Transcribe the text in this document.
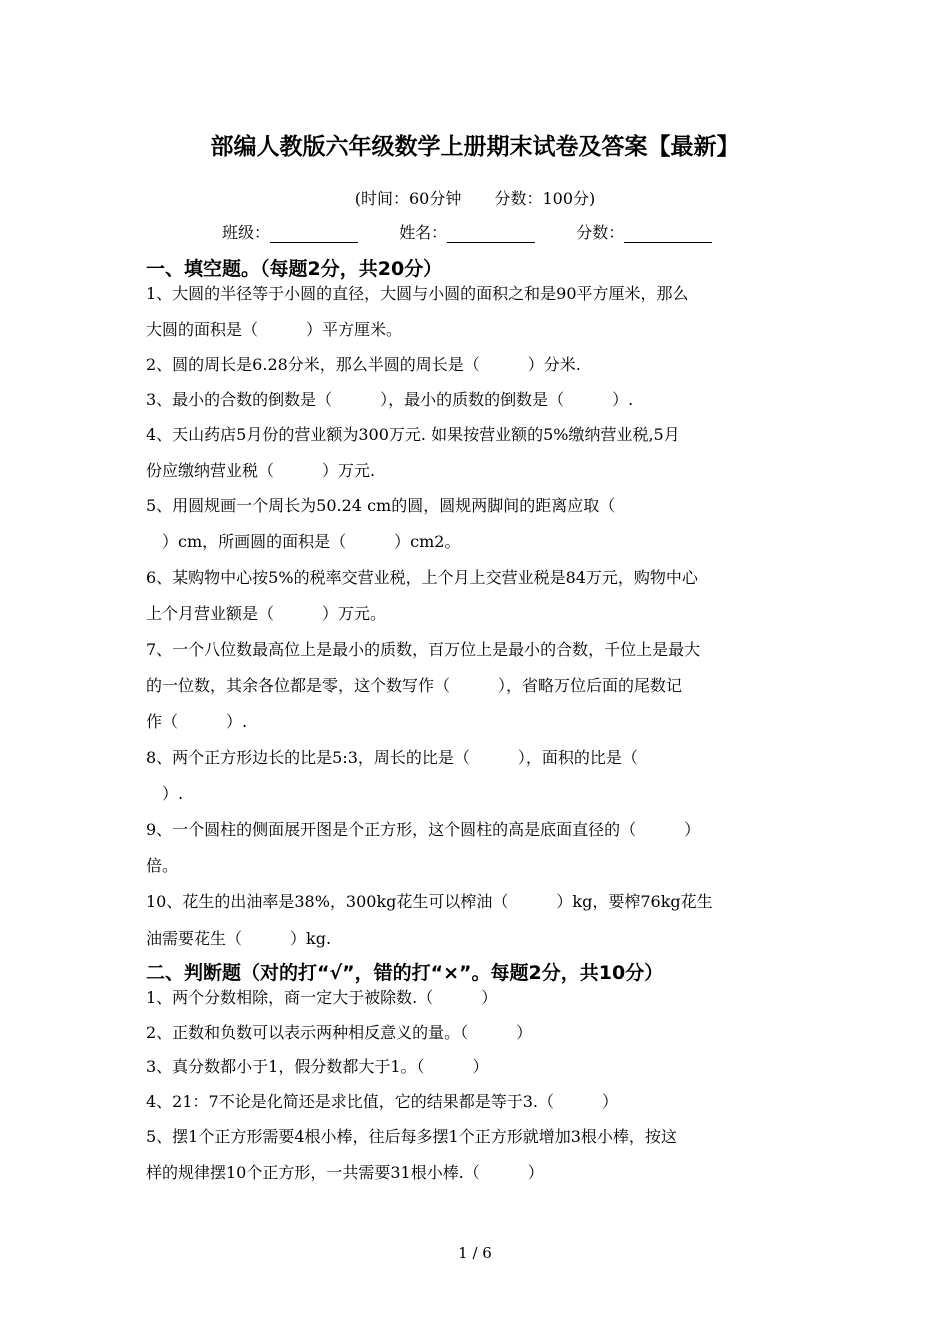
部编人教版六年级数学上册期末试卷及答案【最新】
(时间：60分钟 分数：100分)
班级：	姓名：	分数：
一、填空题。（每题2分，共20分）
1、大圆的半径等于小圆的直径，大圆与小圆的面积之和是90平方厘米，那么
大圆的面积是（　　　）平方厘米。
2、圆的周长是6.28分米，那么半圆的周长是（　　　）分米.
3、最小的合数的倒数是（　　　），最小的质数的倒数是（　　　）.
4、天山药店5月份的营业额为300万元. 如果按营业额的5%缴纳营业税,5月
份应缴纳营业税（　　　）万元.
5、用圆规画一个周长为50.24 cm的圆，圆规两脚间的距离应取（
　）cm，所画圆的面积是（　　　）cm2。
6、某购物中心按5%的税率交营业税，上个月上交营业税是84万元，购物中心
上个月营业额是（　　　）万元。
7、一个八位数最高位上是最小的质数，百万位上是最小的合数，千位上是最大
的一位数，其余各位都是零，这个数写作（　　　），省略万位后面的尾数记
作（　　　）.
8、两个正方形边长的比是5:3，周长的比是（　　　），面积的比是（
　）.
9、一个圆柱的侧面展开图是个正方形，这个圆柱的高是底面直径的（　　　）
倍。
10、花生的出油率是38%，300kg花生可以榨油（　　　）kg，要榨76kg花生
油需要花生（　　　）kg.
二、判断题（对的打“√”，错的打“×”。每题2分，共10分）
1、两个分数相除，商一定大于被除数.（　　　）
2、正数和负数可以表示两种相反意义的量。（　　　）
3、真分数都小于1，假分数都大于1。（　　　）
4、21：7不论是化简还是求比值，它的结果都是等于3.（　　　）
5、摆1个正方形需要4根小棒，往后每多摆1个正方形就增加3根小棒，按这
样的规律摆10个正方形，一共需要31根小棒.（　　　）
1 / 6
